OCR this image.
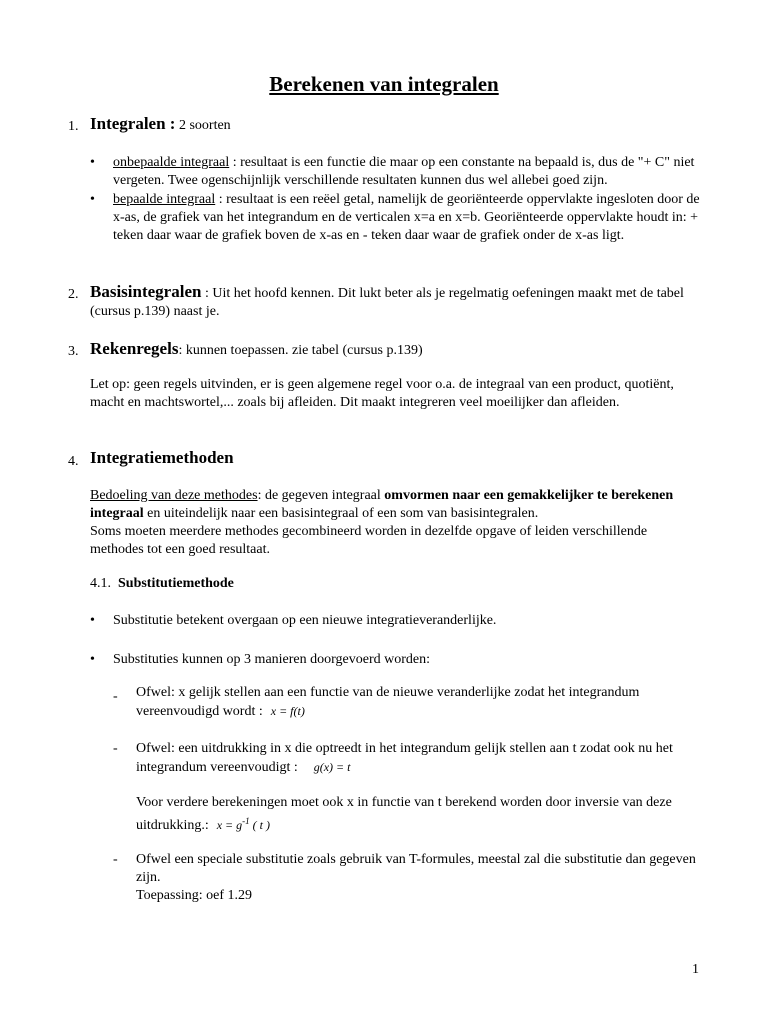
Berekenen van integralen
1. Integralen : 2 soorten
• onbepaalde integraal : resultaat is een functie die maar op een constante na bepaald is, dus de "+ C" niet vergeten. Twee ogenschijnlijk verschillende resultaten kunnen dus wel allebei goed zijn.
• bepaalde integraal : resultaat is een reëel getal, namelijk de georiënteerde oppervlakte ingesloten door de x-as, de grafiek van het integrandum en de verticalen x=a en x=b. Georiënteerde oppervlakte houdt in: + teken daar waar de grafiek boven de x-as en - teken daar waar de grafiek onder de x-as ligt.
2. Basisintegralen : Uit het hoofd kennen. Dit lukt beter als je regelmatig oefeningen maakt met de tabel (cursus p.139) naast je.
3. Rekenregels: kunnen toepassen. zie tabel (cursus p.139)
Let op: geen regels uitvinden, er is geen algemene regel voor o.a. de integraal van een product, quotiënt, macht en machtswortel,... zoals bij afleiden. Dit maakt integreren veel moeilijker dan afleiden.
4. Integratiemethoden
Bedoeling van deze methodes: de gegeven integraal omvormen naar een gemakkelijker te berekenen integraal en uiteindelijk naar een basisintegraal of een som van basisintegralen.
Soms moeten meerdere methodes gecombineerd worden in dezelfde opgave of leiden verschillende methodes tot een goed resultaat.
4.1. Substitutiemethode
• Substitutie betekent overgaan op een nieuwe integratieveranderlijke.
• Substituties kunnen op 3 manieren doorgevoerd worden:
- Ofwel: x gelijk stellen aan een functie van de nieuwe veranderlijke zodat het integrandum vereenvoudigd wordt : x = f(t)
- Ofwel: een uitdrukking in x die optreedt in het integrandum gelijk stellen aan t zodat ook nu het integrandum vereenvoudigt : g(x) = t
Voor verdere berekeningen moet ook x in functie van t berekend worden door inversie van deze uitdrukking.: $x = g^{-1}$ ( t )
- Ofwel een speciale substitutie zoals gebruik van T-formules, meestal zal die substitutie dan gegeven zijn.
Toepassing: oef 1.29
1
